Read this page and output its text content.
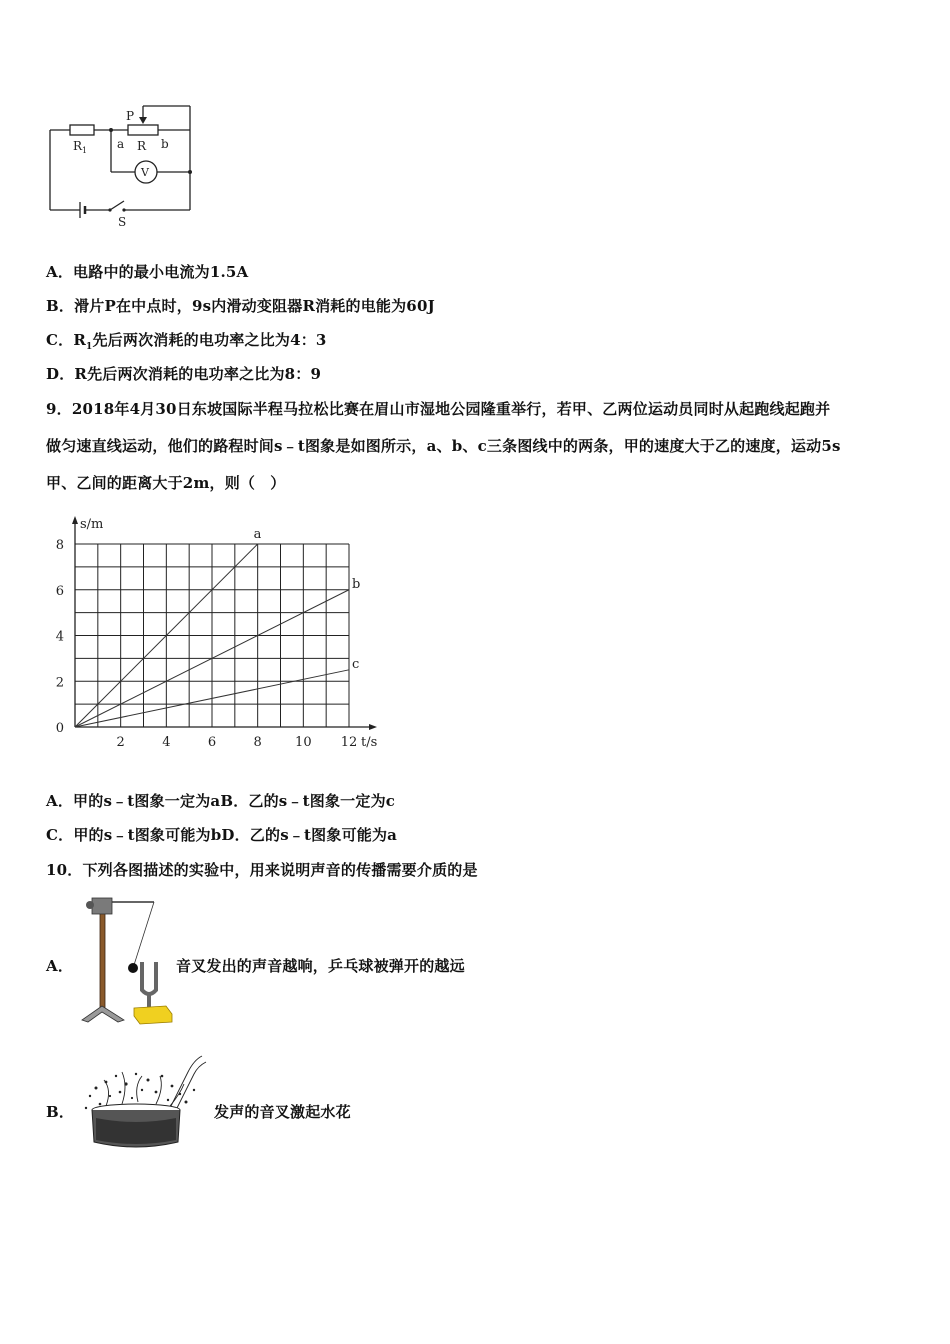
$R_1$
P
a R b
V
S
A．电路中的最小电流为1.5A
B．滑片P在中点时，9s内滑动变阻器R消耗的电能为60J
C．$R_1$先后两次消耗的电功率之比为4：3
D．R先后两次消耗的电功率之比为8：9
9．2018年4月30日东坡国际半程马拉松比赛在眉山市湿地公园隆重举行，若甲、乙两位运动员同时从起跑线起跑并
做匀速直线运动，他们的路程时间s﹣t图象是如图所示，a、b、c三条图线中的两条，甲的速度大于乙的速度，运动5s
甲、乙间的距离大于2m，则（　）
a
b
c
2	4	6	8	10 12
8
6
4
2
0
t/s
s/m
A．甲的s﹣t图象一定为aB．乙的s﹣t图象一定为c
C．甲的s﹣t图象可能为bD．乙的s﹣t图象可能为a
10．下列各图描述的实验中，用来说明声音的传播需要介质的是
A．	音叉发出的声音越响，乒乓球被弹开的越远
B．	发声的音叉激起水花
